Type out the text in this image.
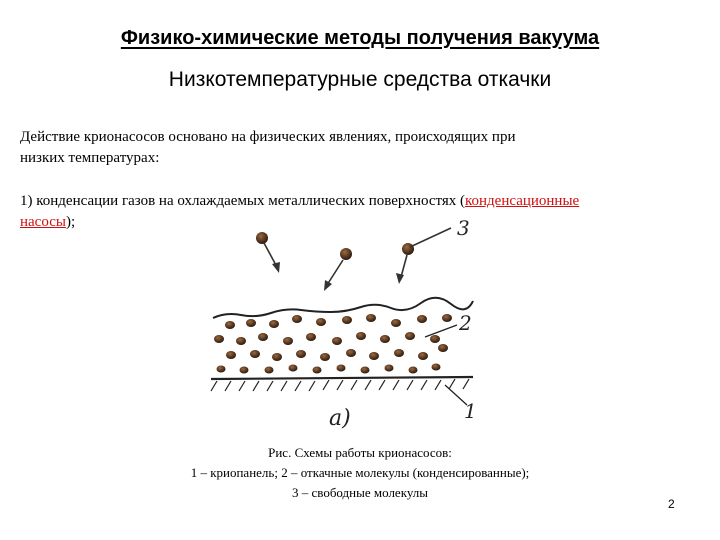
Физико-химические методы получения вакуума
Низкотемпературные средства откачки
Действие крионасосов основано на физических явлениях, происходящих при
низких температурах:
1) конденсации газов на охлаждаемых металлических поверхностях (конденсационные
насосы);	3
2
1
а)
Рис. Схемы работы крионасосов:
1 – криопанель; 2 – откачные молекулы (конденсированные);
3 – свободные молекулы
2
